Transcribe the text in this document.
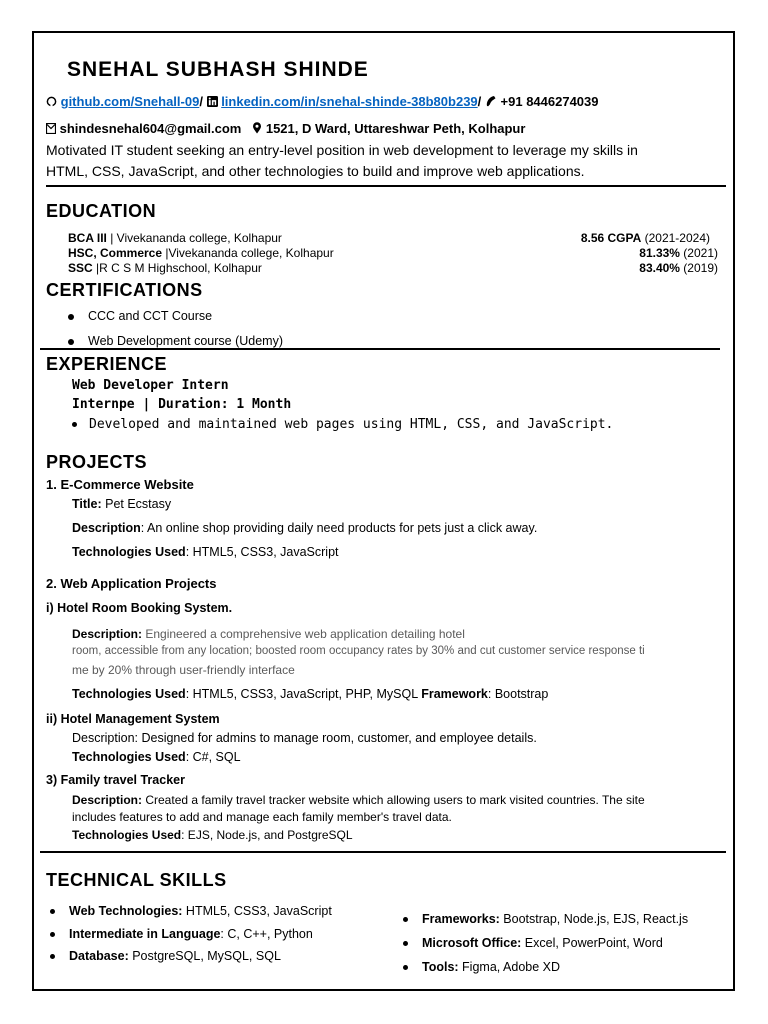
SNEHAL SUBHASH SHINDE
github.com/Snehall-09/ linkedin.com/in/snehal-shinde-38b80b239/ +91 8446274039
shindesnehal604@gmail.com 1521, D Ward, Uttareshwar Peth, Kolhapur
Motivated IT student seeking an entry-level position in web development to leverage my skills in
HTML, CSS, JavaScript, and other technologies to build and improve web applications.
EDUCATION
BCA III | Vivekananda college, Kolhapur	8.56 CGPA (2021-2024)
HSC, Commerce |Vivekananda college, Kolhapur	81.33% (2021)
SSC |R C S M Highschool, Kolhapur	83.40% (2019)
CERTIFICATIONS
CCC and CCT Course
Web Development course (Udemy)
EXPERIENCE
Web Developer Intern
Internpe | Duration: 1 Month
Developed and maintained web pages using HTML, CSS, and JavaScript.
PROJECTS
1. E-Commerce Website
Title: Pet Ecstasy
Description: An online shop providing daily need products for pets just a click away.
Technologies Used: HTML5, CSS3, JavaScript
2. Web Application Projects
i) Hotel Room Booking System.
Description: Engineered a comprehensive web application detailing hotel
room, accessible from any location; boosted room occupancy rates by 30% and cut customer service response ti
me by 20% through user-friendly interface
Technologies Used: HTML5, CSS3, JavaScript, PHP, MySQL Framework: Bootstrap
ii) Hotel Management System
Description: Designed for admins to manage room, customer, and employee details.
Technologies Used: C#, SQL
3) Family travel Tracker
Description: Created a family travel tracker website which allowing users to mark visited countries. The site
includes features to add and manage each family member's travel data.
Technologies Used: EJS, Node.js, and PostgreSQL
TECHNICAL SKILLS
Web Technologies: HTML5, CSS3, JavaScript
Intermediate in Language: C, C++, Python
Database: PostgreSQL, MySQL, SQL
Frameworks: Bootstrap, Node.js, EJS, React.js
Microsoft Office: Excel, PowerPoint, Word
Tools: Figma, Adobe XD
